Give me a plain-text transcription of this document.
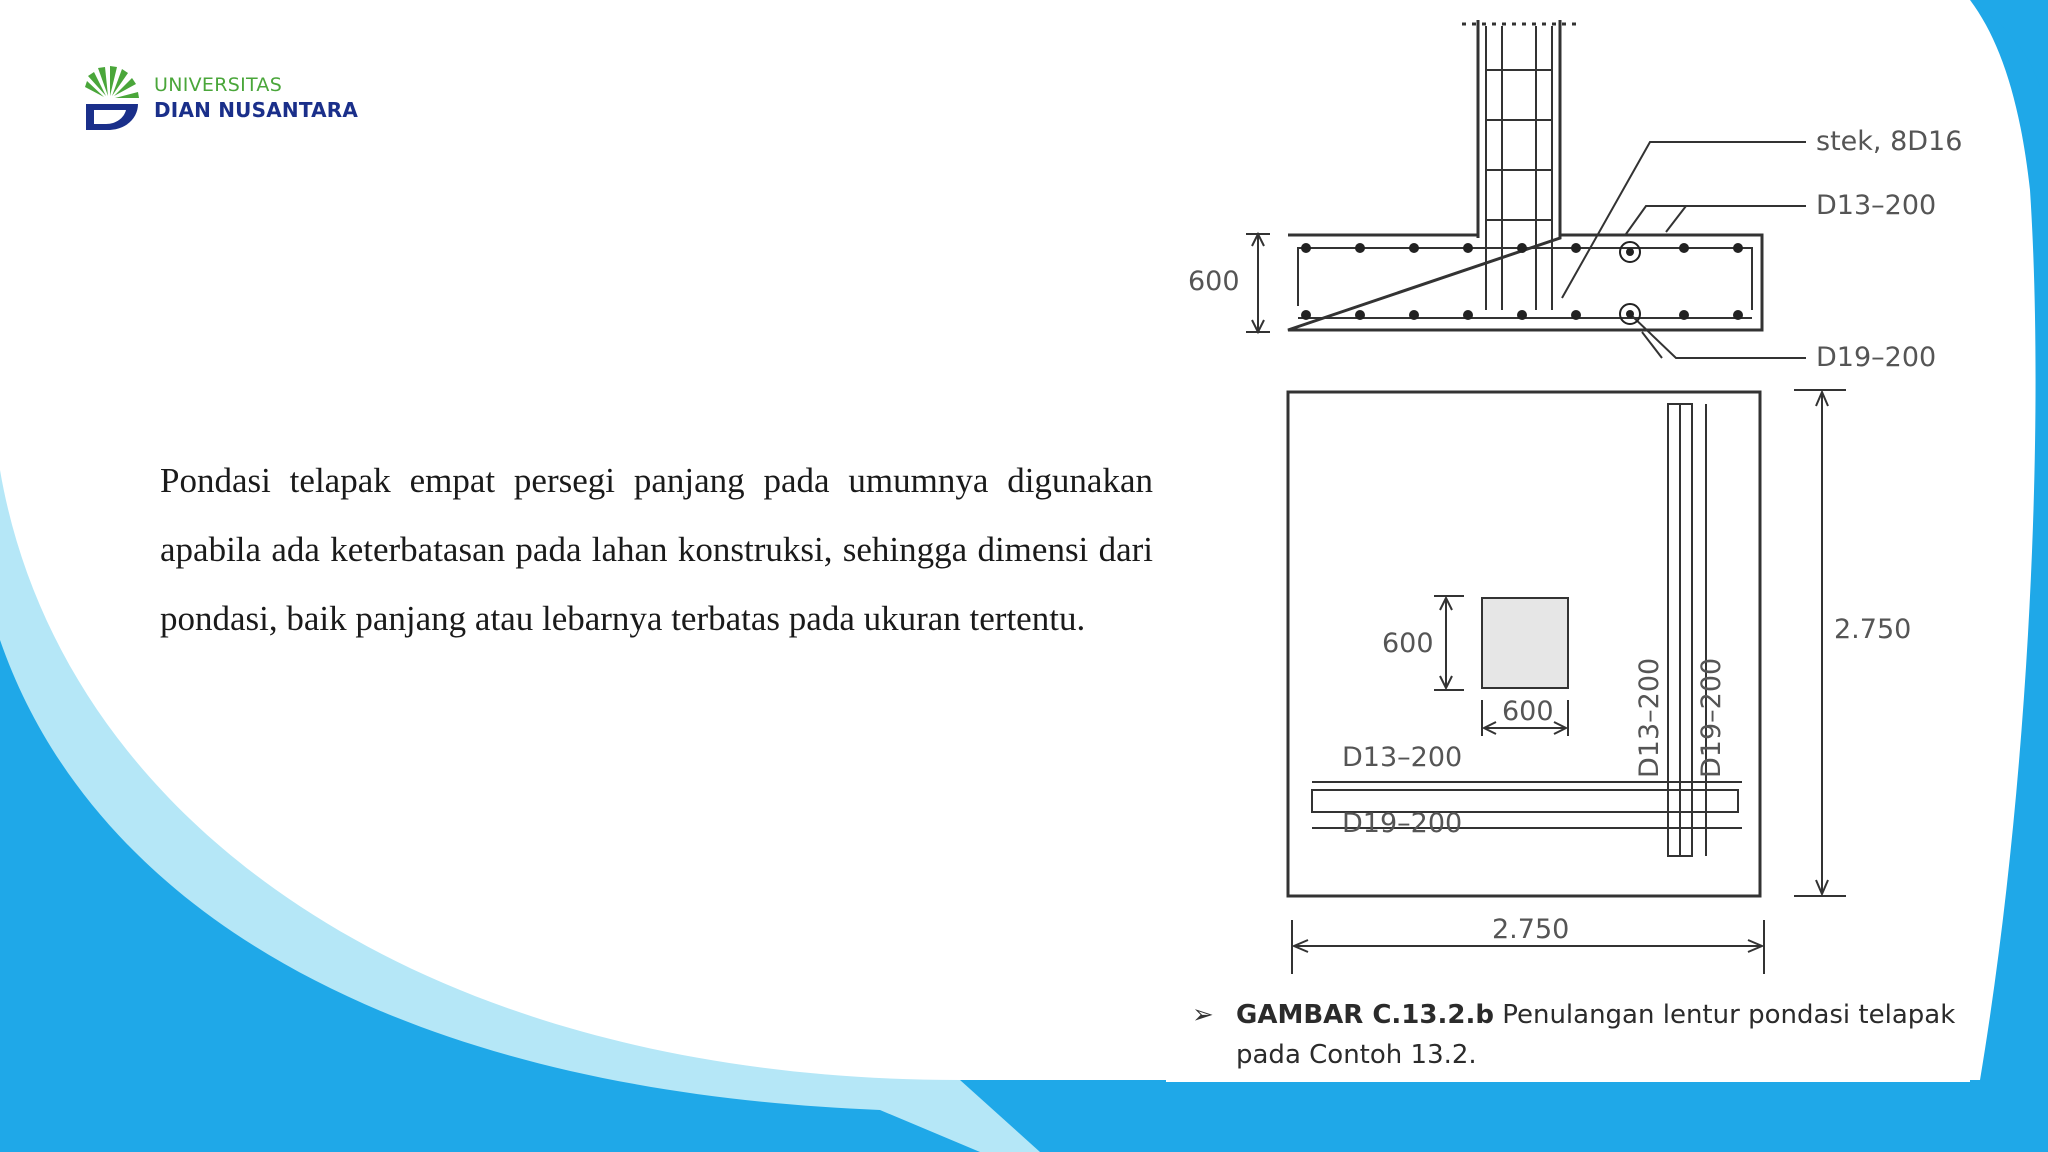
UNIVERSITAS
DIAN NUSANTARA
Pondasi telapak empat persegi panjang pada umumnya digunakan apabila ada keterbatasan pada lahan konstruksi, sehingga dimensi dari pondasi, baik panjang atau lebarnya terbatas pada ukuran tertentu.
600
stek, 8D16
D13–200
D19–200
600
600
2.750
2.750
D13–200
D19–200
D13–200 D19–200
➢ GAMBAR C.13.2.b Penulangan lentur pondasi telapak pada Contoh 13.2.
